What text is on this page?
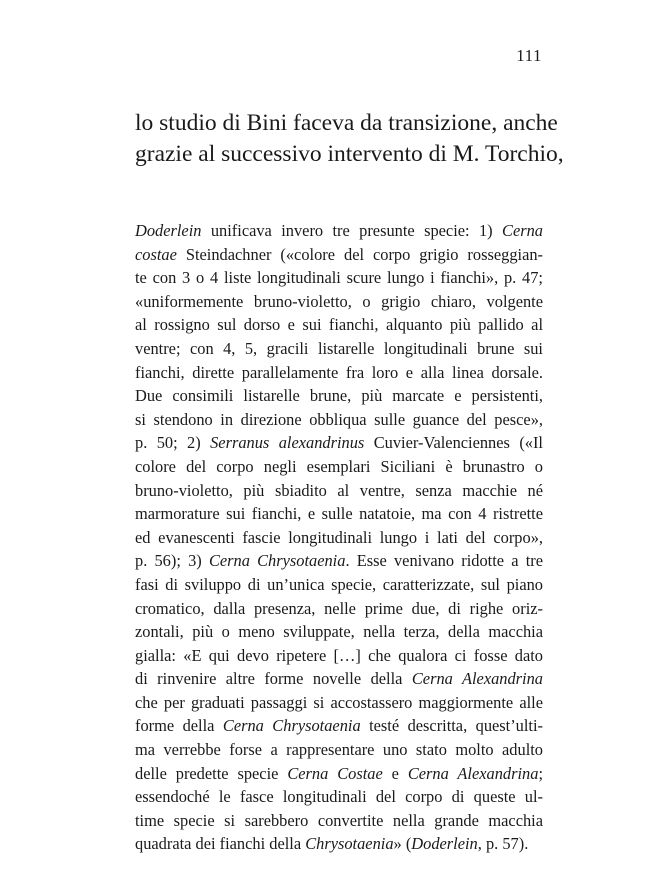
111
lo studio di Bini faceva da transizione, anche
grazie al successivo intervento di M. Torchio,
Doderlein unificava invero tre presunte specie: 1) Cerna
costae Steindachner («colore del corpo grigio rosseggian-
te con 3 o 4 liste longitudinali scure lungo i fianchi», p. 47;
«uniformemente bruno-violetto, o grigio chiaro, volgente
al rossigno sul dorso e sui fianchi, alquanto più pallido al
ventre; con 4, 5, gracili listarelle longitudinali brune sui
fianchi, dirette parallelamente fra loro e alla linea dorsale.
Due consimili listarelle brune, più marcate e persistenti,
si stendono in direzione obbliqua sulle guance del pesce»,
p. 50; 2) Serranus alexandrinus Cuvier-Valenciennes («Il
colore del corpo negli esemplari Siciliani è brunastro o
bruno-violetto, più sbiadito al ventre, senza macchie né
marmorature sui fianchi, e sulle natatoie, ma con 4 ristrette
ed evanescenti fascie longitudinali lungo i lati del corpo»,
p. 56); 3) Cerna Chrysotaenia. Esse venivano ridotte a tre
fasi di sviluppo di un’unica specie, caratterizzate, sul piano
cromatico, dalla presenza, nelle prime due, di righe oriz-
zontali, più o meno sviluppate, nella terza, della macchia
gialla: «E qui devo ripetere […] che qualora ci fosse dato
di rinvenire altre forme novelle della Cerna Alexandrina
che per graduati passaggi si accostassero maggiormente alle
forme della Cerna Chrysotaenia testé descritta, quest’ulti-
ma verrebbe forse a rappresentare uno stato molto adulto
delle predette specie Cerna Costae e Cerna Alexandrina;
essendoché le fasce longitudinali del corpo di queste ul-
time specie si sarebbero convertite nella grande macchia
quadrata dei fianchi della Chrysotaenia» (Doderlein, p. 57).
